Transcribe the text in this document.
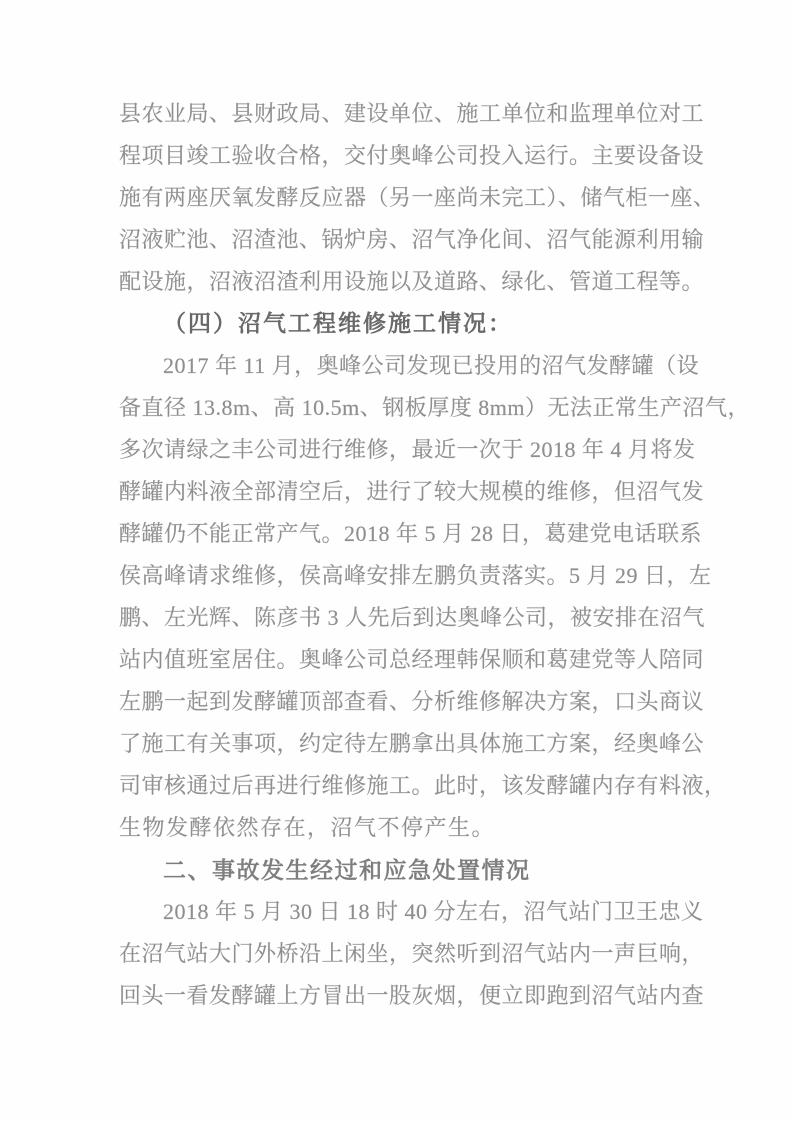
县农业局、县财政局、建设单位、施工单位和监理单位对工
程项目竣工验收合格，交付奥峰公司投入运行。主要设备设
施有两座厌氧发酵反应器（另一座尚未完工）、储气柜一座、
沼液贮池、沼渣池、锅炉房、沼气净化间、沼气能源利用输
配设施，沼液沼渣利用设施以及道路、绿化、管道工程等。
（四）沼气工程维修施工情况：
2017 年 11 月，奥峰公司发现已投用的沼气发酵罐（设
备直径 13.8m、高 10.5m、钢板厚度 8mm）无法正常生产沼气，
多次请绿之丰公司进行维修，最近一次于 2018 年 4 月将发
酵罐内料液全部清空后，进行了较大规模的维修，但沼气发
酵罐仍不能正常产气。2018 年 5 月 28 日，葛建党电话联系
侯高峰请求维修，侯高峰安排左鹏负责落实。5 月 29 日，左
鹏、左光辉、陈彦书 3 人先后到达奥峰公司，被安排在沼气
站内值班室居住。奥峰公司总经理韩保顺和葛建党等人陪同
左鹏一起到发酵罐顶部查看、分析维修解决方案，口头商议
了施工有关事项，约定待左鹏拿出具体施工方案，经奥峰公
司审核通过后再进行维修施工。此时，该发酵罐内存有料液，
生物发酵依然存在，沼气不停产生。
二、事故发生经过和应急处置情况
2018 年 5 月 30 日 18 时 40 分左右，沼气站门卫王忠义
在沼气站大门外桥沿上闲坐，突然听到沼气站内一声巨响，
回头一看发酵罐上方冒出一股灰烟，便立即跑到沼气站内查
